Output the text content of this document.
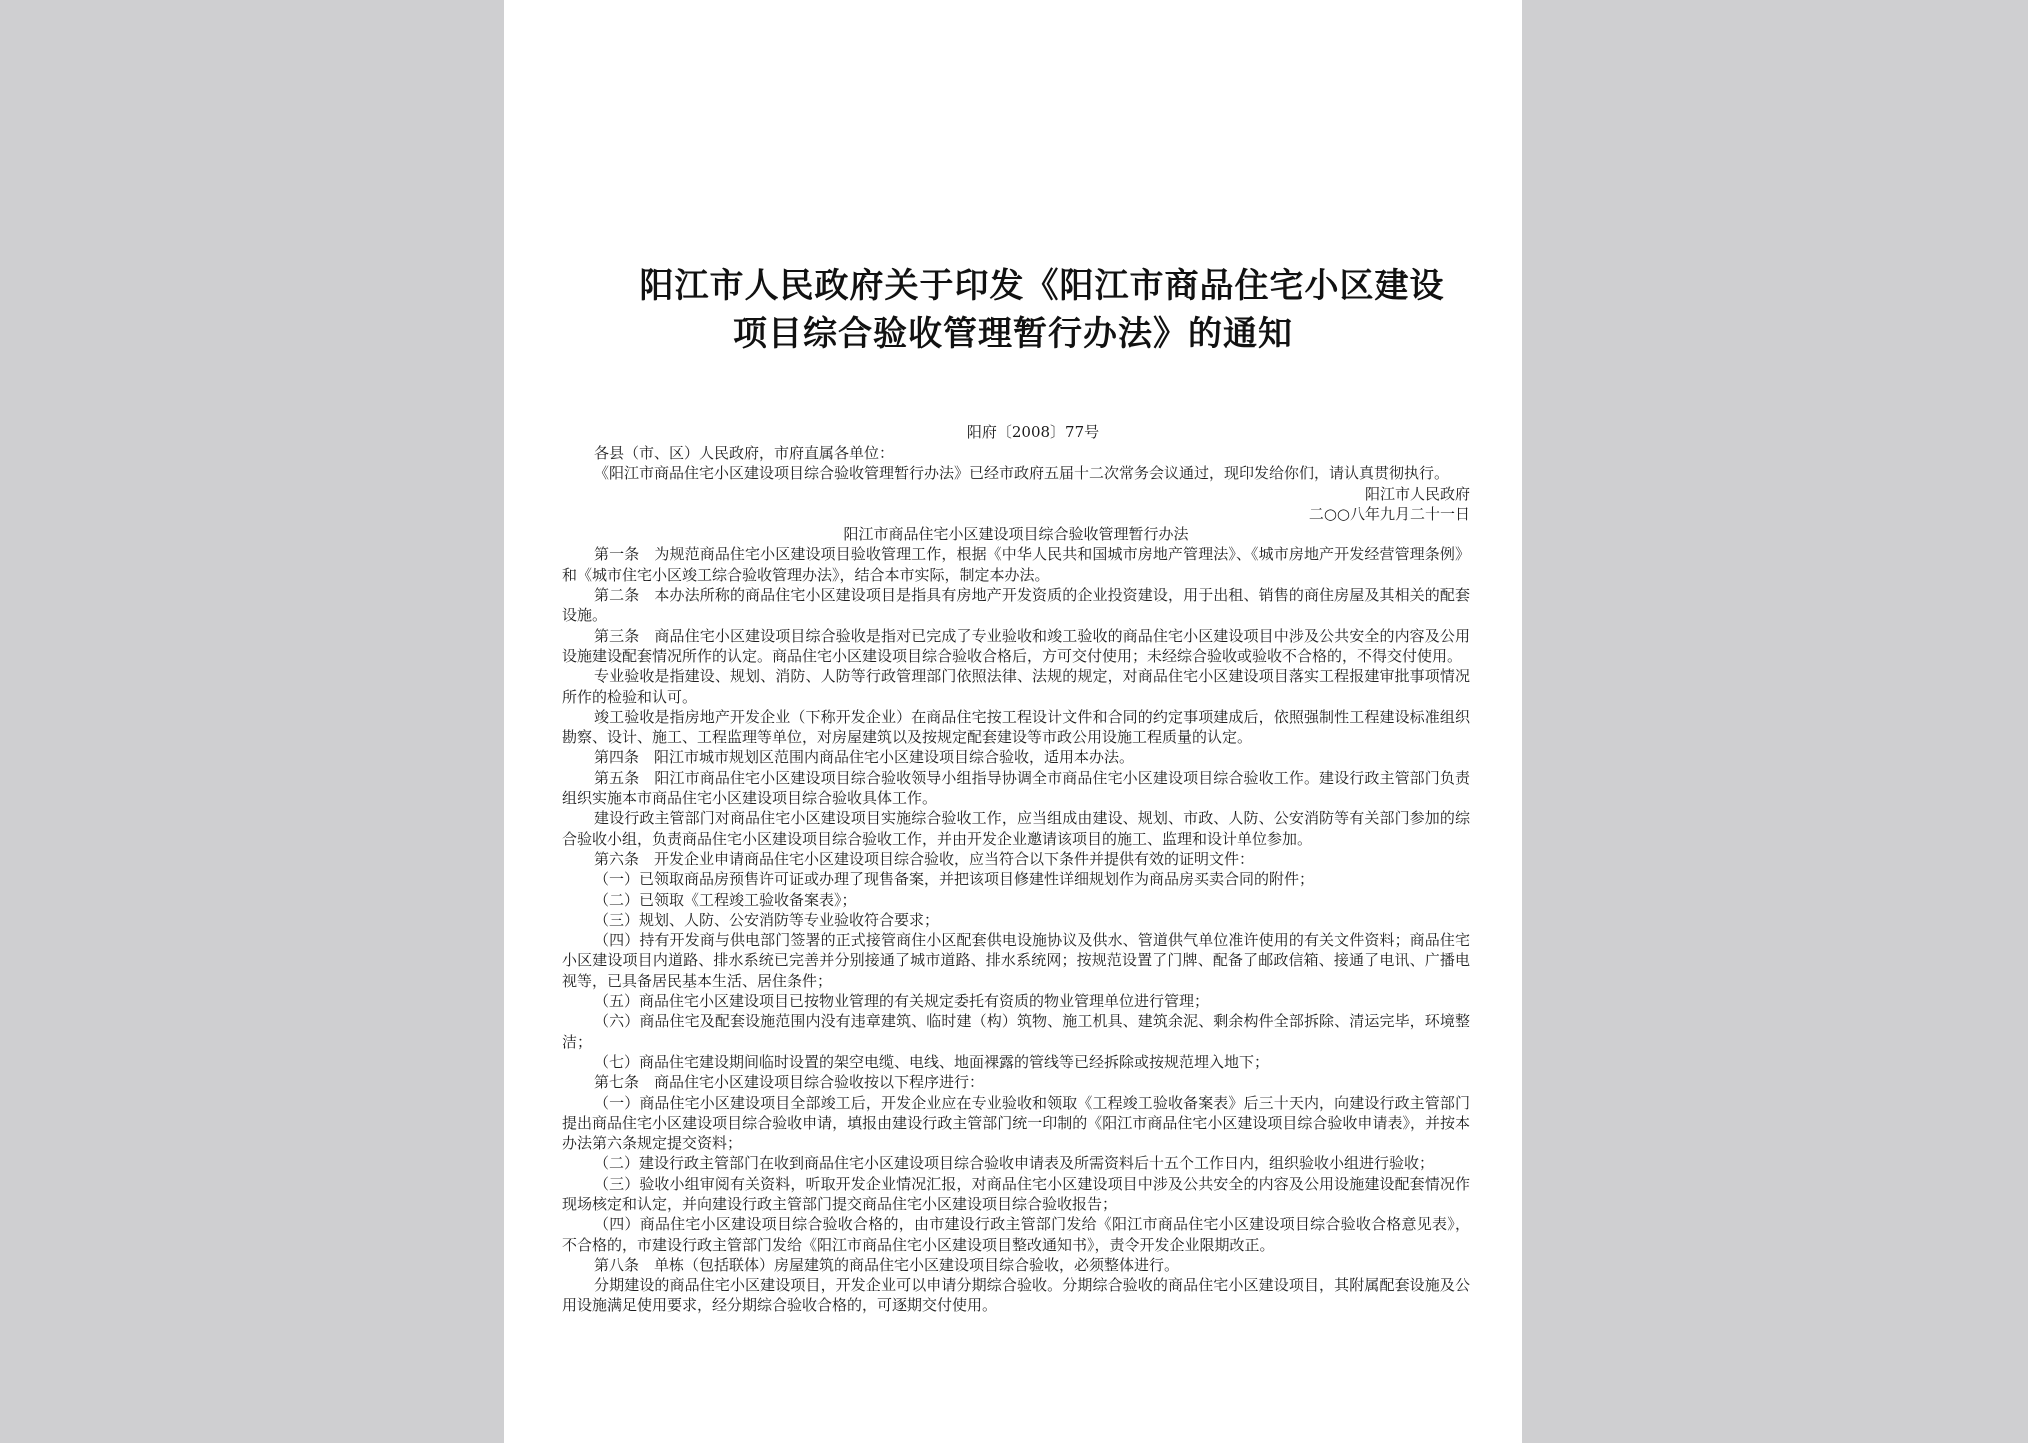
阳江市人民政府关于印发《阳江市商品住宅小区建设
项目综合验收管理暂行办法》的通知
阳府〔2008〕77号

各县（市、区）人民政府，市府直属各单位：

《阳江市商品住宅小区建设项目综合验收管理暂行办法》已经市政府五届十二次常务会议通过，现印发给你们，请认真贯彻执行。

阳江市人民政府

二○○八年九月二十一日

阳江市商品住宅小区建设项目综合验收管理暂行办法

第一条　为规范商品住宅小区建设项目验收管理工作，根据《中华人民共和国城市房地产管理法》、《城市房地产开发经营管理条例》和《城市住宅小区竣工综合验收管理办法》，结合本市实际，制定本办法。

第二条　本办法所称的商品住宅小区建设项目是指具有房地产开发资质的企业投资建设，用于出租、销售的商住房屋及其相关的配套设施。

第三条　商品住宅小区建设项目综合验收是指对已完成了专业验收和竣工验收的商品住宅小区建设项目中涉及公共安全的内容及公用设施建设配套情况所作的认定。商品住宅小区建设项目综合验收合格后，方可交付使用；未经综合验收或验收不合格的，不得交付使用。

专业验收是指建设、规划、消防、人防等行政管理部门依照法律、法规的规定，对商品住宅小区建设项目落实工程报建审批事项情况所作的检验和认可。

竣工验收是指房地产开发企业（下称开发企业）在商品住宅按工程设计文件和合同的约定事项建成后，依照强制性工程建设标准组织勘察、设计、施工、工程监理等单位，对房屋建筑以及按规定配套建设等市政公用设施工程质量的认定。

第四条　阳江市城市规划区范围内商品住宅小区建设项目综合验收，适用本办法。

第五条　阳江市商品住宅小区建设项目综合验收领导小组指导协调全市商品住宅小区建设项目综合验收工作。建设行政主管部门负责组织实施本市商品住宅小区建设项目综合验收具体工作。

建设行政主管部门对商品住宅小区建设项目实施综合验收工作，应当组成由建设、规划、市政、人防、公安消防等有关部门参加的综合验收小组，负责商品住宅小区建设项目综合验收工作，并由开发企业邀请该项目的施工、监理和设计单位参加。

第六条　开发企业申请商品住宅小区建设项目综合验收，应当符合以下条件并提供有效的证明文件：

（一）已领取商品房预售许可证或办理了现售备案，并把该项目修建性详细规划作为商品房买卖合同的附件；

（二）已领取《工程竣工验收备案表》；

（三）规划、人防、公安消防等专业验收符合要求；

（四）持有开发商与供电部门签署的正式接管商住小区配套供电设施协议及供水、管道供气单位准许使用的有关文件资料；商品住宅小区建设项目内道路、排水系统已完善并分别接通了城市道路、排水系统网；按规范设置了门牌、配备了邮政信箱、接通了电讯、广播电视等，已具备居民基本生活、居住条件；

（五）商品住宅小区建设项目已按物业管理的有关规定委托有资质的物业管理单位进行管理；

（六）商品住宅及配套设施范围内没有违章建筑、临时建（构）筑物、施工机具、建筑余泥、剩余构件全部拆除、清运完毕，环境整洁；

（七）商品住宅建设期间临时设置的架空电缆、电线、地面裸露的管线等已经拆除或按规范埋入地下；

第七条　商品住宅小区建设项目综合验收按以下程序进行：

（一）商品住宅小区建设项目全部竣工后，开发企业应在专业验收和领取《工程竣工验收备案表》后三十天内，向建设行政主管部门提出商品住宅小区建设项目综合验收申请，填报由建设行政主管部门统一印制的《阳江市商品住宅小区建设项目综合验收申请表》，并按本办法第六条规定提交资料；

（二）建设行政主管部门在收到商品住宅小区建设项目综合验收申请表及所需资料后十五个工作日内，组织验收小组进行验收；

（三）验收小组审阅有关资料，听取开发企业情况汇报，对商品住宅小区建设项目中涉及公共安全的内容及公用设施建设配套情况作现场核定和认定，并向建设行政主管部门提交商品住宅小区建设项目综合验收报告；

（四）商品住宅小区建设项目综合验收合格的，由市建设行政主管部门发给《阳江市商品住宅小区建设项目综合验收合格意见表》，不合格的，市建设行政主管部门发给《阳江市商品住宅小区建设项目整改通知书》，责令开发企业限期改正。

第八条　单栋（包括联体）房屋建筑的商品住宅小区建设项目综合验收，必须整体进行。

分期建设的商品住宅小区建设项目，开发企业可以申请分期综合验收。分期综合验收的商品住宅小区建设项目，其附属配套设施及公用设施满足使用要求，经分期综合验收合格的，可逐期交付使用。
